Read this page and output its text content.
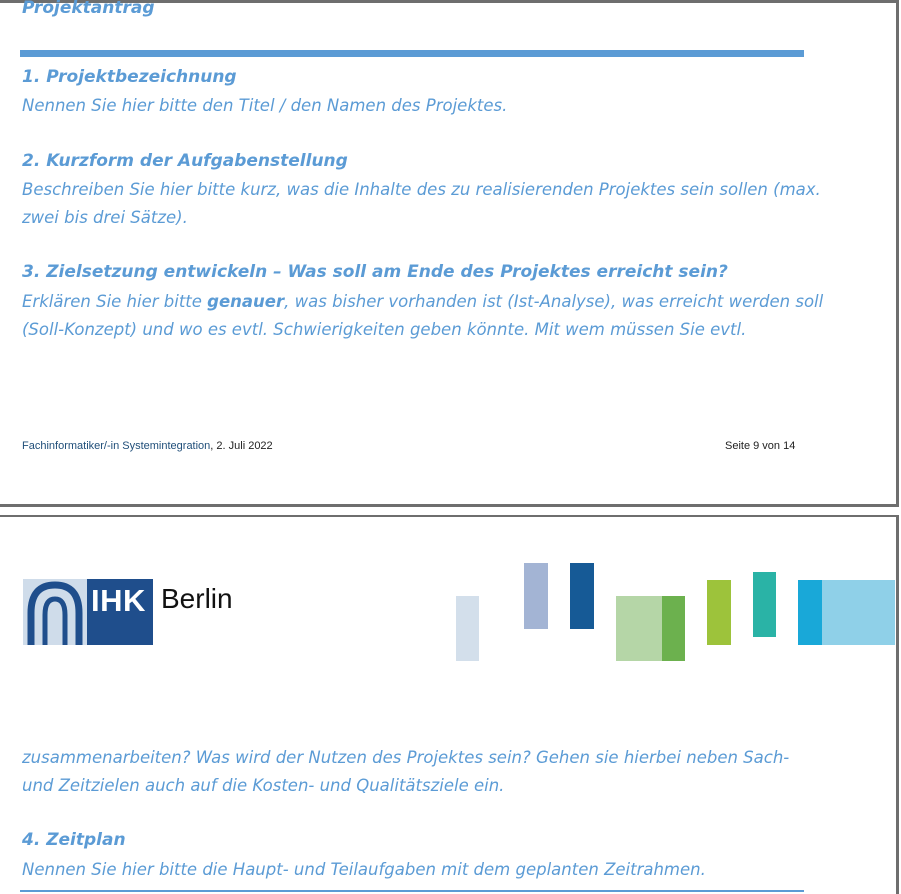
Projektantrag
1. Projektbezeichnung
Nennen Sie hier bitte den Titel / den Namen des Projektes.
2. Kurzform der Aufgabenstellung
Beschreiben Sie hier bitte kurz, was die Inhalte des zu realisierenden Projektes sein sollen (max.
zwei bis drei Sätze).
3. Zielsetzung entwickeln – Was soll am Ende des Projektes erreicht sein?
Erklären Sie hier bitte genauer, was bisher vorhanden ist (Ist-Analyse), was erreicht werden soll
(Soll-Konzept) und wo es evtl. Schwierigkeiten geben könnte. Mit wem müssen Sie evtl.
Fachinformatiker/-in Systemintegration, 2. Juli 2022	Seite 9 von 14
IHK Berlin
zusammenarbeiten? Was wird der Nutzen des Projektes sein? Gehen sie hierbei neben Sach-
und Zeitzielen auch auf die Kosten- und Qualitätsziele ein.
4. Zeitplan
Nennen Sie hier bitte die Haupt- und Teilaufgaben mit dem geplanten Zeitrahmen.
